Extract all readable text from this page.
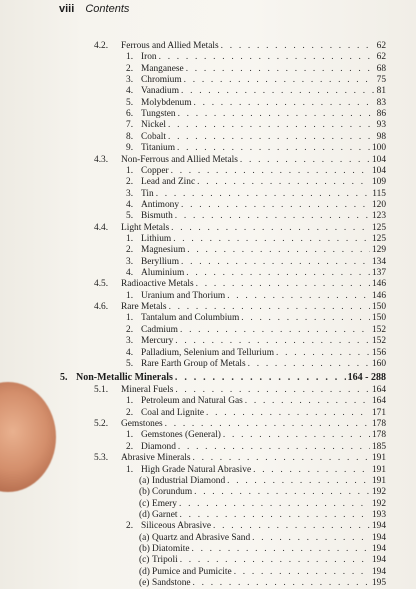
viii Contents
4.2.	Ferrous and Allied Metals . . .	62
1. Iron . . .	62
2. Manganese . . .	68
3. Chromium . . .	75
4. Vanadium . . .	81
5. Molybdenum . . .	83
6. Tungsten . . .	86
7. Nickel . . .	93
8. Cobalt . . .	98
9. Titanium . . .	100
4.3.	Non-Ferrous and Allied Metals . . .	104
1. Copper . . .	104
2. Lead and Zinc . . .	109
3. Tin . . .	115
4. Antimony . . .	120
5. Bismuth . . .	123
4.4.	Light Metals . . .	125
1. Lithium . . .	125
2. Magnesium . . .	129
3. Beryllium . . .	134
4. Aluminium . . .	137
4.5.	Radioactive Metals . . .	146
1. Uranium and Thorium . . .	146
4.6.	Rare Metals . . .	150
1. Tantalum and Columbium . . .	150
2. Cadmium . . .	152
3. Mercury . . .	152
4. Palladium, Selenium and Tellurium . . .	156
5. Rare Earth Group of Metals . . .	160
5. Non-Metallic Minerals . . .	164 - 288
5.1.	Mineral Fuels . . .	164
1. Petroleum and Natural Gas . . .	164
2. Coal and Lignite . . .	171
5.2.	Gemstones . . .	178
1. Gemstones (General) . . .	178
2. Diamond . . .	185
5.3.	Abrasive Minerals . . .	191
1. High Grade Natural Abrasive . . .	191
(a) Industrial Diamond . . .	191
(b) Corundum . . .	192
(c) Emery . . .	192
(d) Garnet . . .	193
2. Siliceous Abrasive . . .	194
(a) Quartz and Abrasive Sand . . .	194
(b) Diatomite . . .	194
(c) Tripoli . . .	194
(d) Pumice and Pumicite . . .	194
(e) Sandstone . . .	195
